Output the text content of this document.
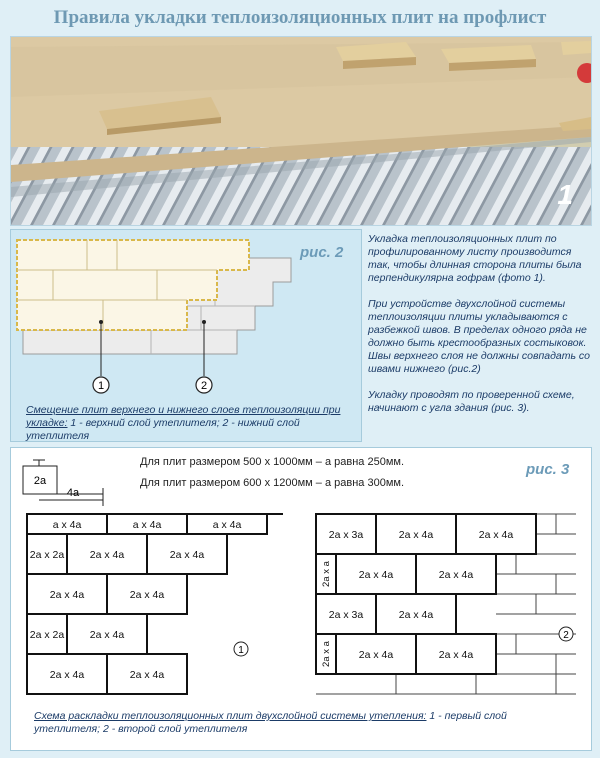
Правила укладки теплоизоляционных плит на профлист
1
1	2
рис. 2
Смещение плит верхнего и нижнего слоев теплоизоляции при укладке: 1 - верхний слой утеплителя; 2 - нижний слой утеплителя

Укладка теплоизоляционных плит по профилированному листу производится так, чтобы длинная сторона плиты была перпендикулярна гофрам (фото 1).

При устройстве двухслойной системы теплоизоляции плиты укладываются с разбежкой швов. В пределах одного ряда не должно быть крестообразных состыковок. Швы верхнего слоя не должны совпадать со швами нижнего (рис.2)

Укладку проводят по проверенной схеме, начинают с угла здания (рис. 3).

2a
4a
a x 4a	a x 4a	a x 4a
2a x 2a 2a x 4a	2a x 4a
2a x 4a	2a x 4a
2a x 2a 2a x 4a
2a x 4a	2a x 4a
1
2a x 3a	2a x 4a	2a x 4a
2a x a	2a x 4a	2a x 4a
2a x 3a	2a x 4a
2a x a	2a x 4a	2a x 4a
2
рис. 3
Для плит размером 500 х 1000мм – a равна 250мм.
Для плит размером 600 х 1200мм – a равна 300мм.
Схема раскладки теплоизоляционных плит двухслойной системы утепления: 1 - первый слой утеплителя; 2 - второй слой утеплителя
